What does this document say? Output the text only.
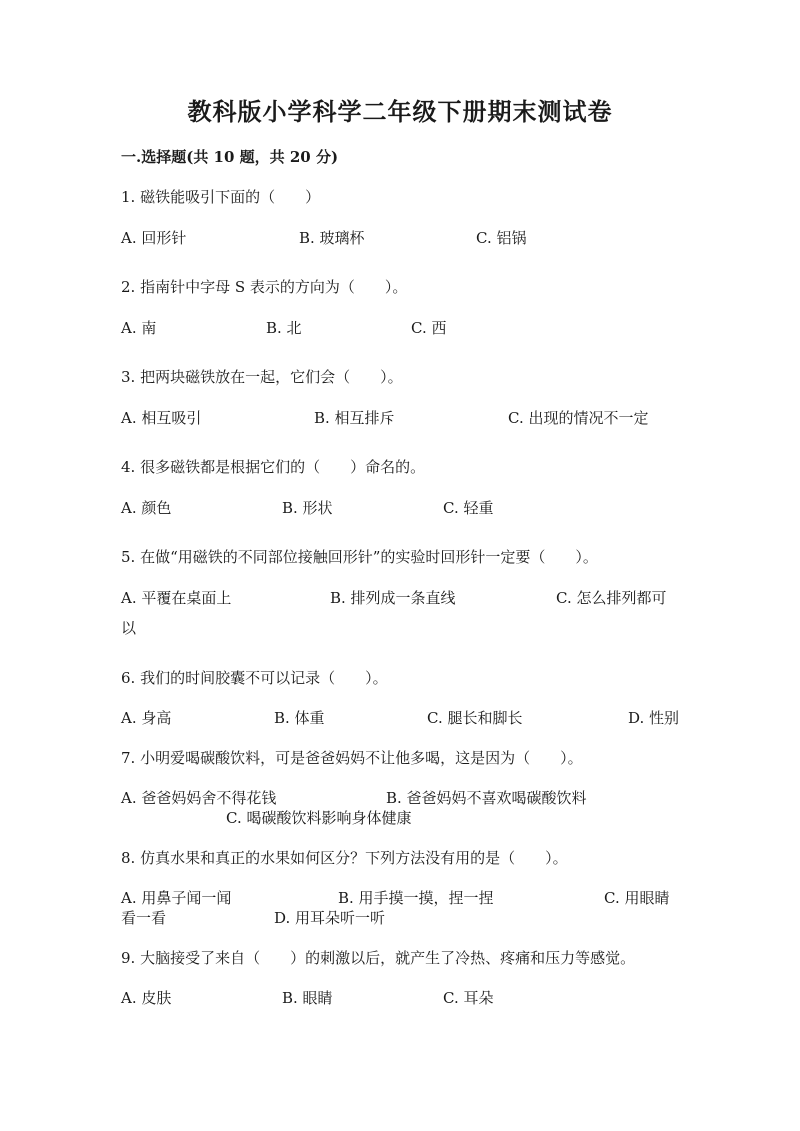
教科版小学科学二年级下册期末测试卷
一.选择题(共 10 题，共 20 分)
1. 磁铁能吸引下面的（　　）
A. 回形针	B. 玻璃杯	C. 铝锅
2. 指南针中字母 S 表示的方向为（　　）。
A. 南	B. 北	C. 西
3. 把两块磁铁放在一起，它们会（　　）。
A. 相互吸引	B. 相互排斥	C. 出现的情况不一定
4. 很多磁铁都是根据它们的（　　）命名的。
A. 颜色	B. 形状	C. 轻重
5. 在做“用磁铁的不同部位接触回形针”的实验时回形针一定要（　　）。
A. 平覆在桌面上	B. 排列成一条直线	C. 怎么排列都可
以
6. 我们的时间胶囊不可以记录（　　）。
A. 身高	B. 体重	C. 腿长和脚长	D. 性别
7. 小明爱喝碳酸饮料，可是爸爸妈妈不让他多喝，这是因为（　　）。
A. 爸爸妈妈舍不得花钱	B. 爸爸妈妈不喜欢喝碳酸饮料
C. 喝碳酸饮料影响身体健康
8. 仿真水果和真正的水果如何区分？下列方法没有用的是（　　）。
A. 用鼻子闻一闻	B. 用手摸一摸，捏一捏	C. 用眼睛
看一看	D. 用耳朵听一听
9. 大脑接受了来自（　　）的刺激以后，就产生了冷热、疼痛和压力等感觉。
A. 皮肤	B. 眼睛	C. 耳朵
